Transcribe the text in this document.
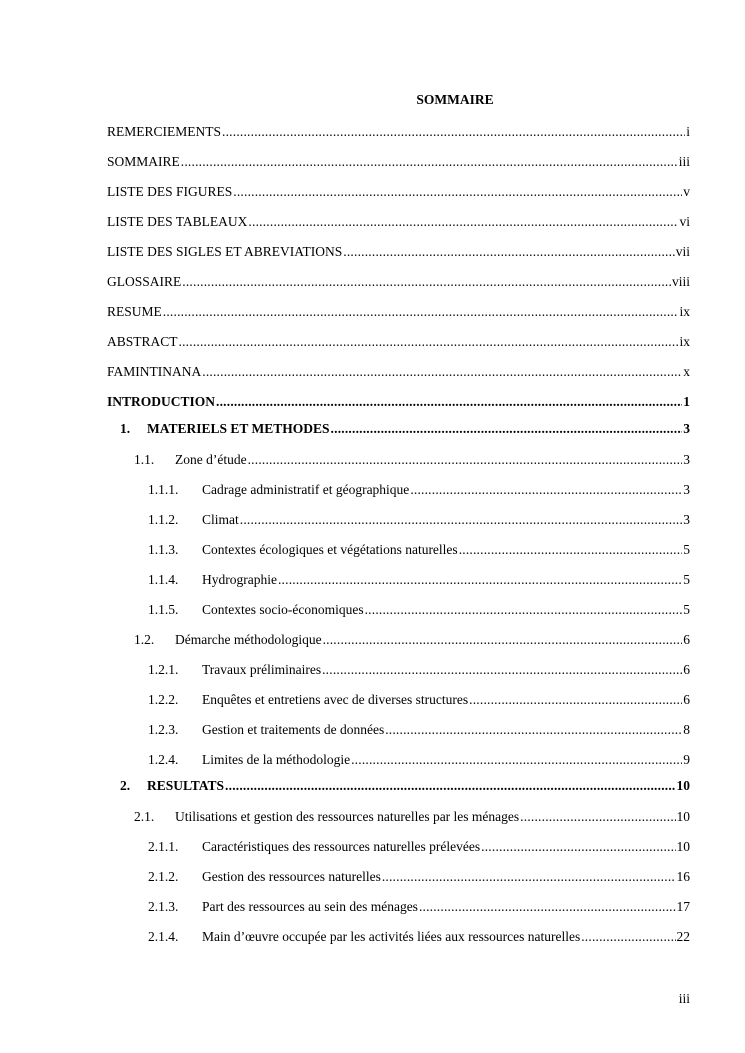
SOMMAIRE
REMERCIEMENTS .....	i
SOMMAIRE .....	iii
LISTE DES FIGURES .....	v
LISTE DES TABLEAUX .....	vi
LISTE DES SIGLES ET ABREVIATIONS .....	vii
GLOSSAIRE .....	viii
RESUME .....	ix
ABSTRACT .....	ix
FAMINTINANA .....	x
INTRODUCTION .....	1
1.	MATERIELS ET METHODES .....	3
1.1.	Zone d’étude .....	3
1.1.1.	Cadrage administratif et géographique .....	3
1.1.2.	Climat .....	3
1.1.3.	Contextes écologiques et végétations naturelles .....	5
1.1.4.	Hydrographie .....	5
1.1.5.	Contextes socio-économiques .....	5
1.2.	Démarche méthodologique .....	6
1.2.1.	Travaux préliminaires .....	6
1.2.2.	Enquêtes et entretiens avec de diverses structures .....	6
1.2.3.	Gestion et traitements de données .....	8
1.2.4.	Limites de la méthodologie .....	9
2.	RESULTATS .....	10
2.1.	Utilisations et gestion des ressources naturelles par les ménages .....	10
2.1.1.	Caractéristiques des ressources naturelles prélevées .....	10
2.1.2.	Gestion des ressources naturelles .....	16
2.1.3.	Part des ressources au sein des ménages .....	17
2.1.4.	Main d’œuvre occupée par les activités liées aux ressources naturelles .....	22
iii
